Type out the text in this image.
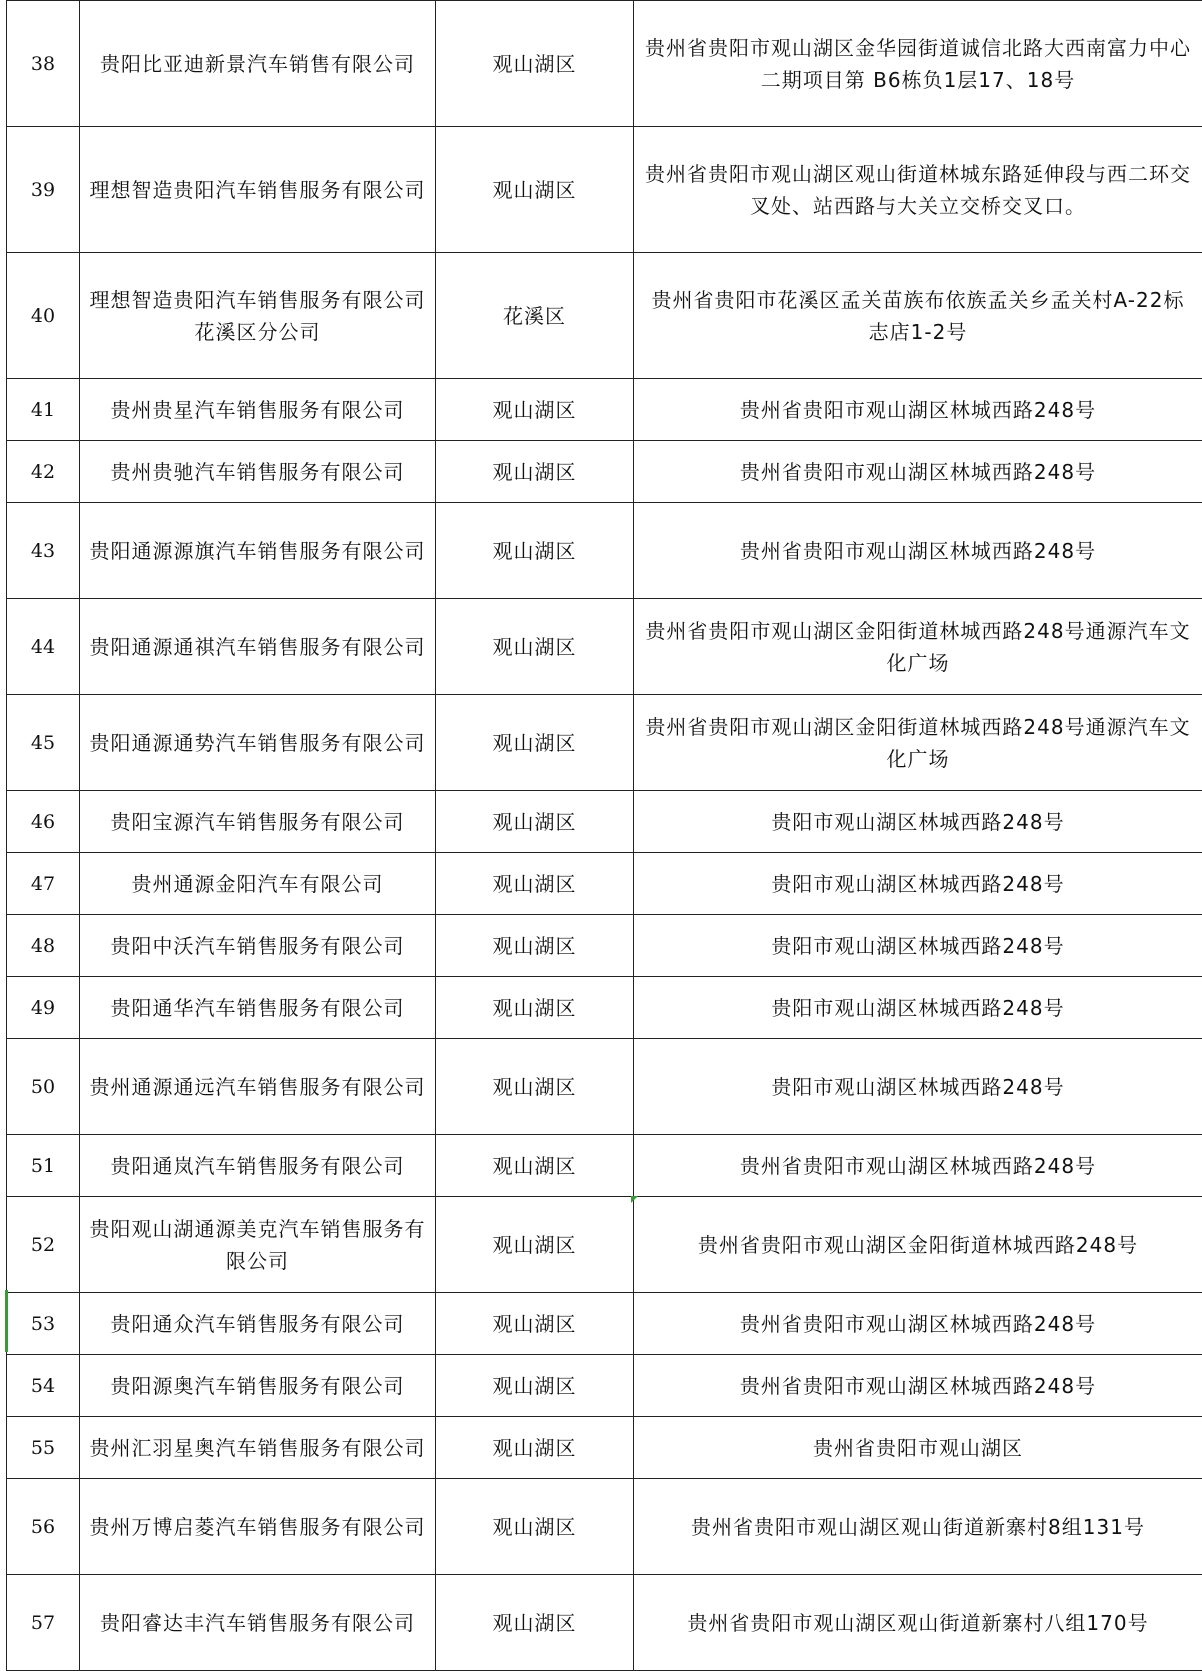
38	贵阳比亚迪新景汽车销售有限公司	观山湖区	贵州省贵阳市观山湖区金华园街道诚信北路大西南富力中心二期项目第 B6栋负1层17、18号
39	理想智造贵阳汽车销售服务有限公司	观山湖区	贵州省贵阳市观山湖区观山街道林城东路延伸段与西二环交叉处、站西路与大关立交桥交叉口。
40	理想智造贵阳汽车销售服务有限公司花溪区分公司	花溪区	贵州省贵阳市花溪区孟关苗族布依族孟关乡孟关村A-22标志店1-2号
41	贵州贵星汽车销售服务有限公司	观山湖区	贵州省贵阳市观山湖区林城西路248号
42	贵州贵驰汽车销售服务有限公司	观山湖区	贵州省贵阳市观山湖区林城西路248号
43	贵阳通源源旗汽车销售服务有限公司	观山湖区	贵州省贵阳市观山湖区林城西路248号
44	贵阳通源通祺汽车销售服务有限公司	观山湖区	贵州省贵阳市观山湖区金阳街道林城西路248号通源汽车文化广场
45	贵阳通源通势汽车销售服务有限公司	观山湖区	贵州省贵阳市观山湖区金阳街道林城西路248号通源汽车文化广场
46	贵阳宝源汽车销售服务有限公司	观山湖区	贵阳市观山湖区林城西路248号
47	贵州通源金阳汽车有限公司	观山湖区	贵阳市观山湖区林城西路248号
48	贵阳中沃汽车销售服务有限公司	观山湖区	贵阳市观山湖区林城西路248号
49	贵阳通华汽车销售服务有限公司	观山湖区	贵阳市观山湖区林城西路248号
50	贵州通源通远汽车销售服务有限公司	观山湖区	贵阳市观山湖区林城西路248号
51	贵阳通岚汽车销售服务有限公司	观山湖区	贵州省贵阳市观山湖区林城西路248号
52	贵阳观山湖通源美克汽车销售服务有限公司	观山湖区	贵州省贵阳市观山湖区金阳街道林城西路248号
53	贵阳通众汽车销售服务有限公司	观山湖区	贵州省贵阳市观山湖区林城西路248号
54	贵阳源奥汽车销售服务有限公司	观山湖区	贵州省贵阳市观山湖区林城西路248号
55	贵州汇羽星奥汽车销售服务有限公司	观山湖区	贵州省贵阳市观山湖区
56	贵州万博启菱汽车销售服务有限公司	观山湖区	贵州省贵阳市观山湖区观山街道新寨村8组131号
57	贵阳睿达丰汽车销售服务有限公司	观山湖区	贵州省贵阳市观山湖区观山街道新寨村八组170号
